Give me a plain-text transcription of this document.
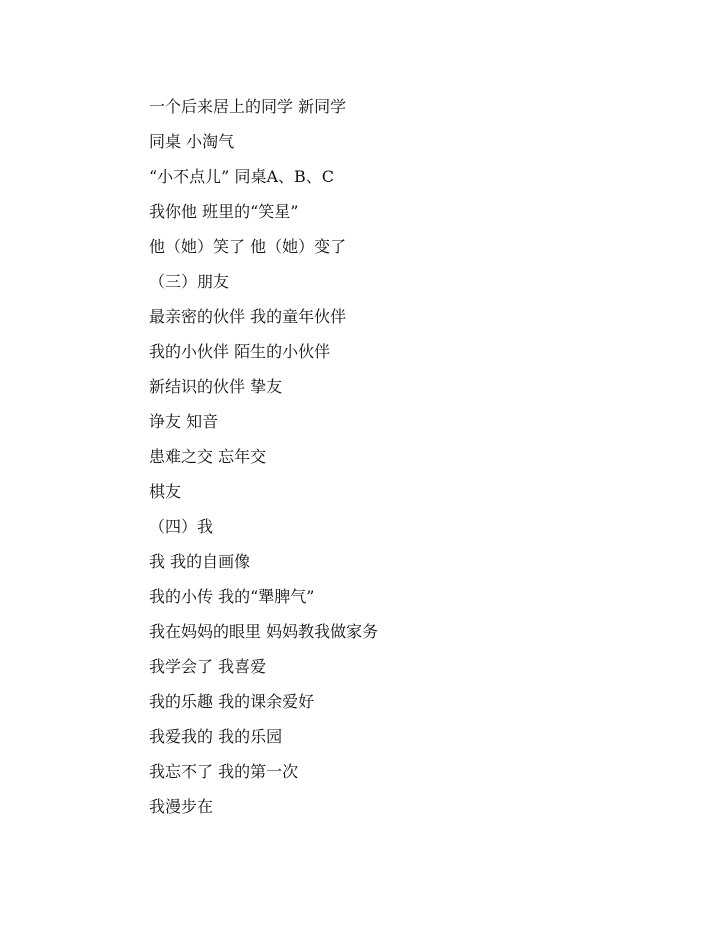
一个后来居上的同学 新同学
同桌 小淘气
“小不点儿” 同桌A、B、C
我你他 班里的“笑星”
他（她）笑了 他（她）变了
（三）朋友
最亲密的伙伴 我的童年伙伴
我的小伙伴 陌生的小伙伴
新结识的伙伴 挚友
诤友 知音
患难之交 忘年交
棋友
（四）我
我 我的自画像
我的小传 我的“犟脾气”
我在妈妈的眼里 妈妈教我做家务
我学会了 我喜爱
我的乐趣 我的课余爱好
我爱我的 我的乐园
我忘不了 我的第一次
我漫步在
